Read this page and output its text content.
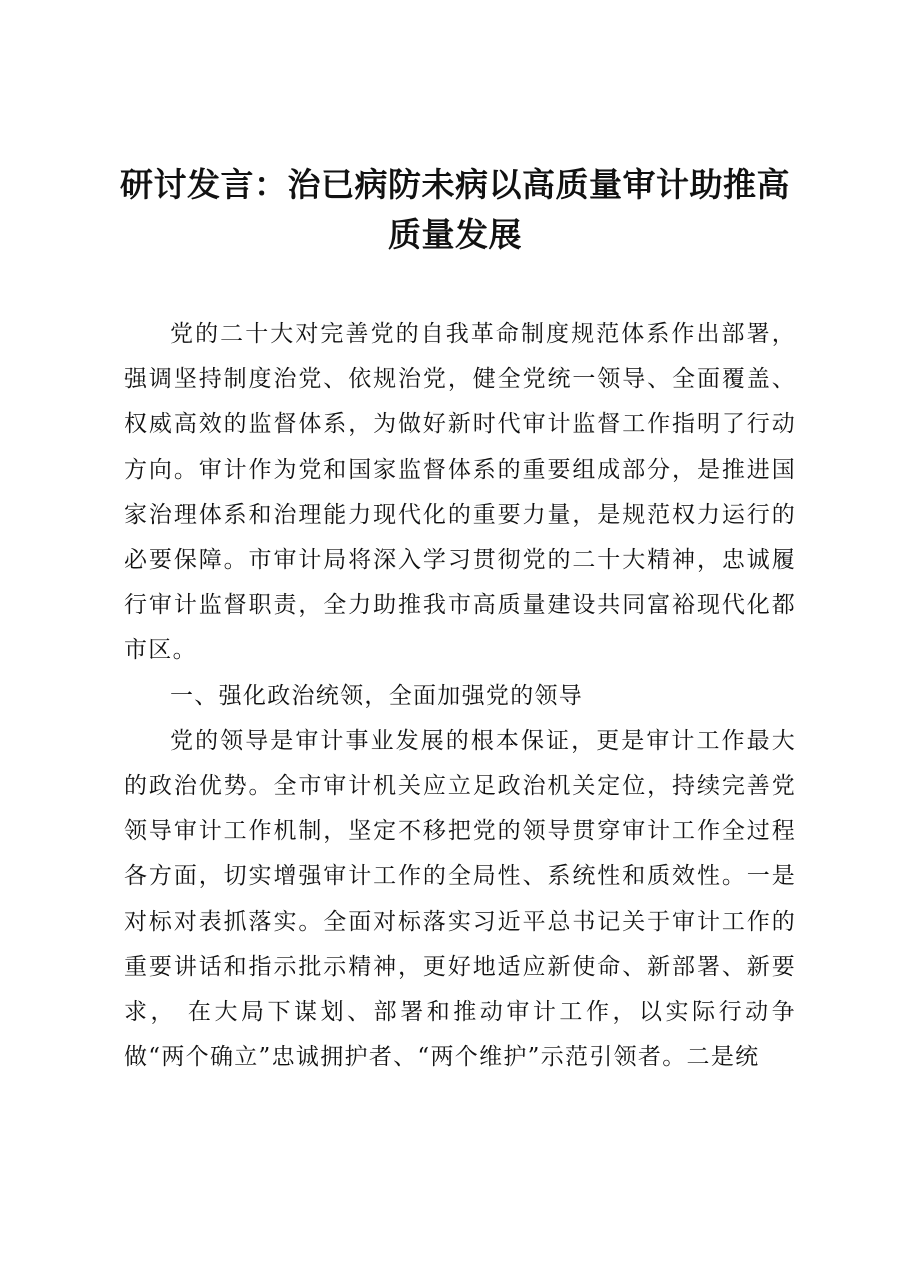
研讨发言：治已病防未病以高质量审计助推高
质量发展

党的二十大对完善党的自我革命制度规范体系作出部署，强调坚持制度治党、依规治党，健全党统一领导、全面覆盖、权威高效的监督体系，为做好新时代审计监督工作指明了行动方向。审计作为党和国家监督体系的重要组成部分，是推进国家治理体系和治理能力现代化的重要力量，是规范权力运行的必要保障。市审计局将深入学习贯彻党的二十大精神，忠诚履行审计监督职责，全力助推我市高质量建设共同富裕现代化都市区。

一、强化政治统领，全面加强党的领导

党的领导是审计事业发展的根本保证，更是审计工作最大的政治优势。全市审计机关应立足政治机关定位，持续完善党领导审计工作机制，坚定不移把党的领导贯穿审计工作全过程各方面，切实增强审计工作的全局性、系统性和质效性。一是对标对表抓落实。全面对标落实习近平总书记关于审计工作的重要讲话和指示批示精神，更好地适应新使命、新部署、新要求， 在大局下谋划、部署和推动审计工作，以实际行动争做“两个确立”忠诚拥护者、“两个维护”示范引领者。二是统
